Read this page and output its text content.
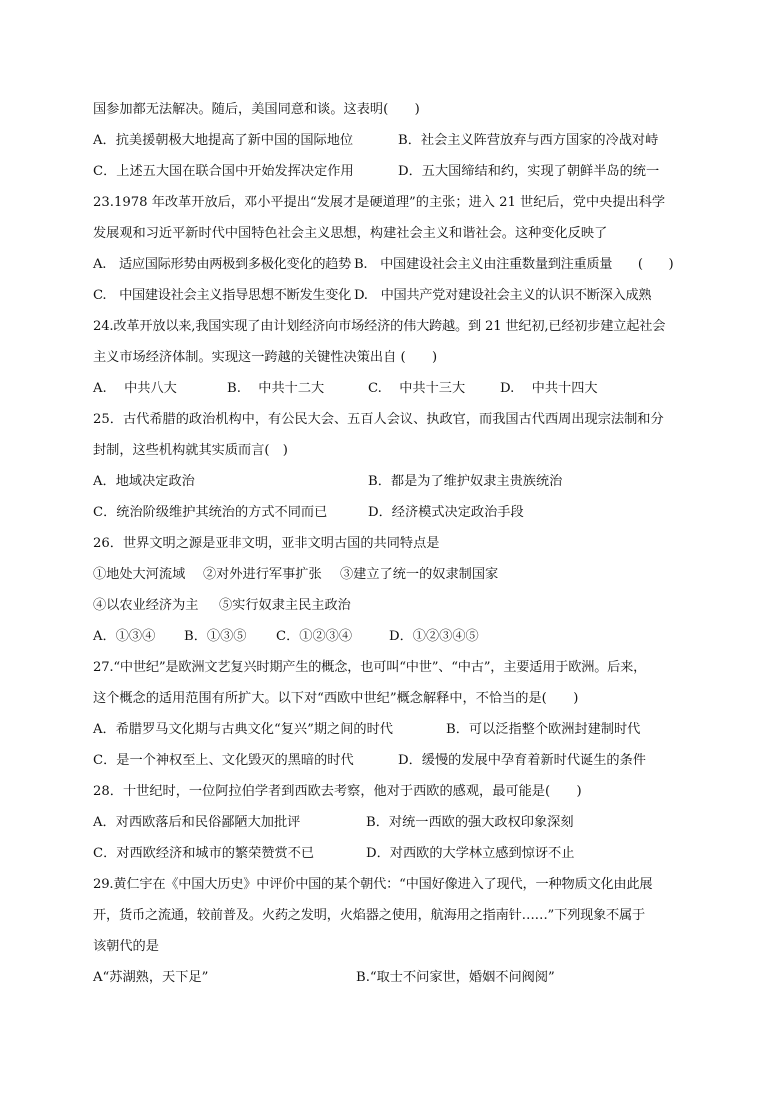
国参加都无法解决。随后，美国同意和谈。这表明(　　)
A．抗美援朝极大地提高了新中国的国际地位	B．社会主义阵营放弃与西方国家的冷战对峙
C．上述五大国在联合国中开始发挥决定作用	D．五大国缔结和约，实现了朝鲜半岛的统一
23.1978 年改革开放后，邓小平提出“发展才是硬道理”的主张；进入 21 世纪后，党中央提出科学
发展观和习近平新时代中国特色社会主义思想，构建社会主义和谐社会。这种变化反映了
A.　适应国际形势由两极到多极化变化的趋势 B.　中国建设社会主义由注重数量到注重质量　　(　　)
C.　中国建设社会主义指导思想不断发生变化 D.　中国共产党对建设社会主义的认识不断深入成熟
24.改革开放以来,我国实现了由计划经济向市场经济的伟大跨越。到 21 世纪初,已经初步建立起社会
主义市场经济体制。实现这一跨越的关键性决策出自 (　　)
A.　 中共八大	B.　 中共十二大	C.　 中共十三大	D.　 中共十四大
25．古代希腊的政治机构中，有公民大会、五百人会议、执政官，而我国古代西周出现宗法制和分
封制，这些机构就其实质而言(　)
A．地域决定政治	B．都是为了维护奴隶主贵族统治
C．统治阶级维护其统治的方式不同而已	D．经济模式决定政治手段
26．世界文明之源是亚非文明，亚非文明古国的共同特点是
①地处大河流域 ②对外进行军事扩张 ③建立了统一的奴隶制国家
④以农业经济为主 ⑤实行奴隶主民主政治
A．①③④ B．①③⑤ C．①②③④	D．①②③④⑤
27.“中世纪”是欧洲文艺复兴时期产生的概念，也可叫“中世”、“中古”，主要适用于欧洲。后来，
这个概念的适用范围有所扩大。以下对“西欧中世纪”概念解释中，不恰当的是(　　)
A．希腊罗马文化期与古典文化“复兴”期之间的时代	B．可以泛指整个欧洲封建制时代
C．是一个神权至上、文化毁灭的黑暗的时代	D．缓慢的发展中孕育着新时代诞生的条件
28．十世纪时，一位阿拉伯学者到西欧去考察，他对于西欧的感观，最可能是(　　)
A．对西欧落后和民俗鄙陋大加批评	B．对统一西欧的强大政权印象深刻
C．对西欧经济和城市的繁荣赞赏不已	D．对西欧的大学林立感到惊讶不止
29.黄仁宇在《中国大历史》中评价中国的某个朝代：“中国好像进入了现代，一种物质文化由此展
开，货币之流通，较前普及。火药之发明，火焰器之使用，航海用之指南针……”下列现象不属于
该朝代的是
A“苏湖熟，天下足”	B.“取士不问家世，婚姻不问阀阅”
